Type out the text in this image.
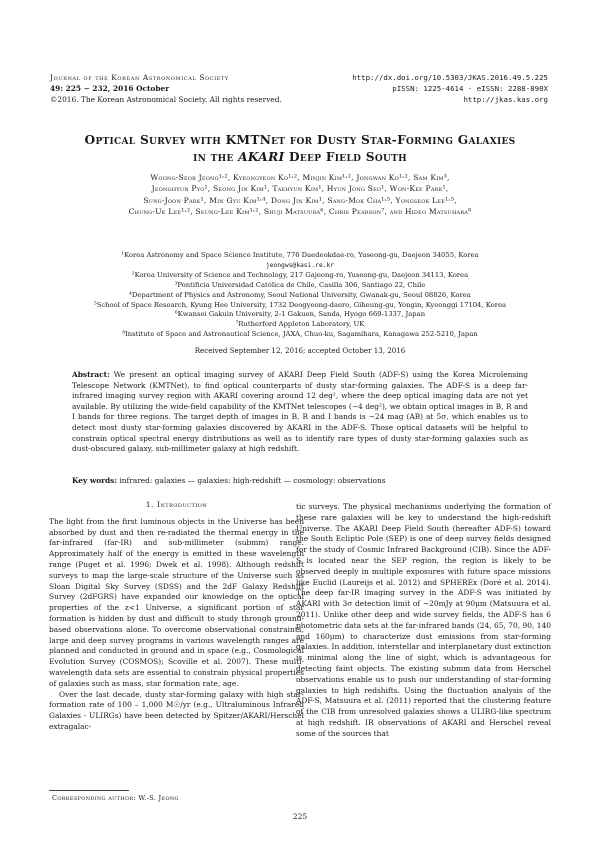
Journal of the Korean Astronomical Society
49: 225 ∼ 232, 2016 October
©2016. The Korean Astronomical Society. All rights reserved.
http://dx.doi.org/10.5303/JKAS.2016.49.5.225
pISSN: 1225-4614 · eISSN: 2288-890X
http://jkas.kas.org
Optical Survey with KMTNet for Dusty Star-Forming Galaxies
in the AKARI Deep Field South
Woong-Seob Jeong¹˒², Kyeongyeon Ko¹˒², Minjin Kim¹˒², Jongwan Ko¹˒², Sam Kim³,
Jeonghyun Pyo¹, Seong Jin Kim¹, Taehyun Kim¹, Hyun Jong Seo¹, Won-Kee Park¹,
Sung-Joon Park¹, Min Gyu Kim¹˒⁴, Dong Jin Kim¹, Sang-Mok Cha¹˒⁵, Yongseok Lee¹˒⁵,
Chung-Uk Lee¹˒², Seung-Lee Kim¹˒², Shuji Matsuura⁶, Chris Pearson⁷, and Hideo Matsuhara⁸
¹Korea Astronomy and Space Science Institute, 776 Daedeokdae-ro, Yuseong-gu, Daejeon 34055, Korea
jeongws@kasi.re.kr
²Korea University of Science and Technology, 217 Gajeong-ro, Yuseong-gu, Daejeon 34113, Korea
³Pontificia Universidad Católica de Chile, Casilla 306, Santiago 22, Chile
⁴Department of Physics and Astronomy, Seoul National University, Gwanak-gu, Seoul 08826, Korea
⁵School of Space Research, Kyung Hee University, 1732 Deogyeong-daero, Giheung-gu, Yongin, Kyeonggi 17104, Korea
⁶Kwansei Gakuin University, 2-1 Gakuen, Sanda, Hyogo 669-1337, Japan
⁷Rutherford Appleton Laboratory, UK
⁸Institute of Space and Astronautical Science, JAXA, Chuo-ku, Sagamihara, Kanagawa 252-5210, Japan
Received September 12, 2016; accepted October 13, 2016
Abstract: We present an optical imaging survey of AKARI Deep Field South (ADF-S) using the Korea Microlensing Telescope Network (KMTNet), to find optical counterparts of dusty star-forming galaxies. The ADF-S is a deep far-infrared imaging survey region with AKARI covering around 12 deg², where the deep optical imaging data are not yet available. By utilizing the wide-field capability of the KMTNet telescopes (∼4 deg²), we obtain optical images in B, R and I bands for three regions. The target depth of images in B, R and I bands is ∼24 mag (AB) at 5σ, which enables us to detect most dusty star-forming galaxies discovered by AKARI in the ADF-S. Those optical datasets will be helpful to constrain optical spectral energy distributions as well as to identify rare types of dusty star-forming galaxies such as dust-obscured galaxy, sub-millimeter galaxy at high redshift.
Key words: infrared: galaxies — galaxies: high-redshift — cosmology: observations
1. Introduction

The light from the first luminous objects in the Universe has been absorbed by dust and then re-radiated the thermal energy in the far-infrared (far-IR) and sub-millimeter (submm) range. Approximately half of the energy is emitted in these wavelength range (Puget et al. 1996; Dwek et al. 1998). Although redshift surveys to map the large-scale structure of the Universe such as Sloan Digital Sky Survey (SDSS) and the 2dF Galaxy Redshift Survey (2dFGRS) have expanded our knowledge on the optical properties of the z<1 Universe, a significant portion of star formation is hidden by dust and difficult to study through ground-based observations alone. To overcome observational constraints, large and deep survey programs in various wavelength ranges are planned and conducted in ground and in space (e.g., Cosmological Evolution Survey (COSMOS); Scoville et al. 2007). These multi-wavelength data sets are essential to constrain physical properties of galaxies such as mass, star formation rate, age.

Over the last decade, dusty star-forming galaxy with high star-formation rate of 100 – 1,000 M☉/yr (e.g., Ultraluminous Infrared Galaxies - ULIRGs) have been detected by Spitzer/AKARI/Herschel extragalac-

tic surveys. The physical mechanisms underlying the formation of these rare galaxies will be key to understand the high-redshift Universe. The AKARI Deep Field South (hereafter ADF-S) toward the South Ecliptic Pole (SEP) is one of deep survey fields designed for the study of Cosmic Infrared Background (CIB). Since the ADF-S is located near the SEP region, the region is likely to be observed deeply in multiple exposures with future space missions like Euclid (Laureijs et al. 2012) and SPHEREx (Doré et al. 2014). The deep far-IR imaging survey in the ADF-S was initiated by AKARI with 3σ detection limit of ∼20mJy at 90μm (Matsuura et al. 2011). Unlike other deep and wide survey fields, the ADF-S has 6 photometric data sets at the far-infrared bands (24, 65, 70, 90, 140 and 160μm) to characterize dust emissions from star-forming galaxies. In addition, interstellar and interplanetary dust extinction is minimal along the line of sight, which is advantageous for detecting faint objects. The existing submm data from Herschel observations enable us to push our understanding of star-forming galaxies to high redshifts. Using the fluctuation analysis of the ADF-S, Matsuura et al. (2011) reported that the clustering feature of the CIB from unresolved galaxies shows a ULIRG-like spectrum at high redshift. IR observations of AKARI and Herschel reveal some of the sources that

Corresponding author: W.-S. Jeong
225
